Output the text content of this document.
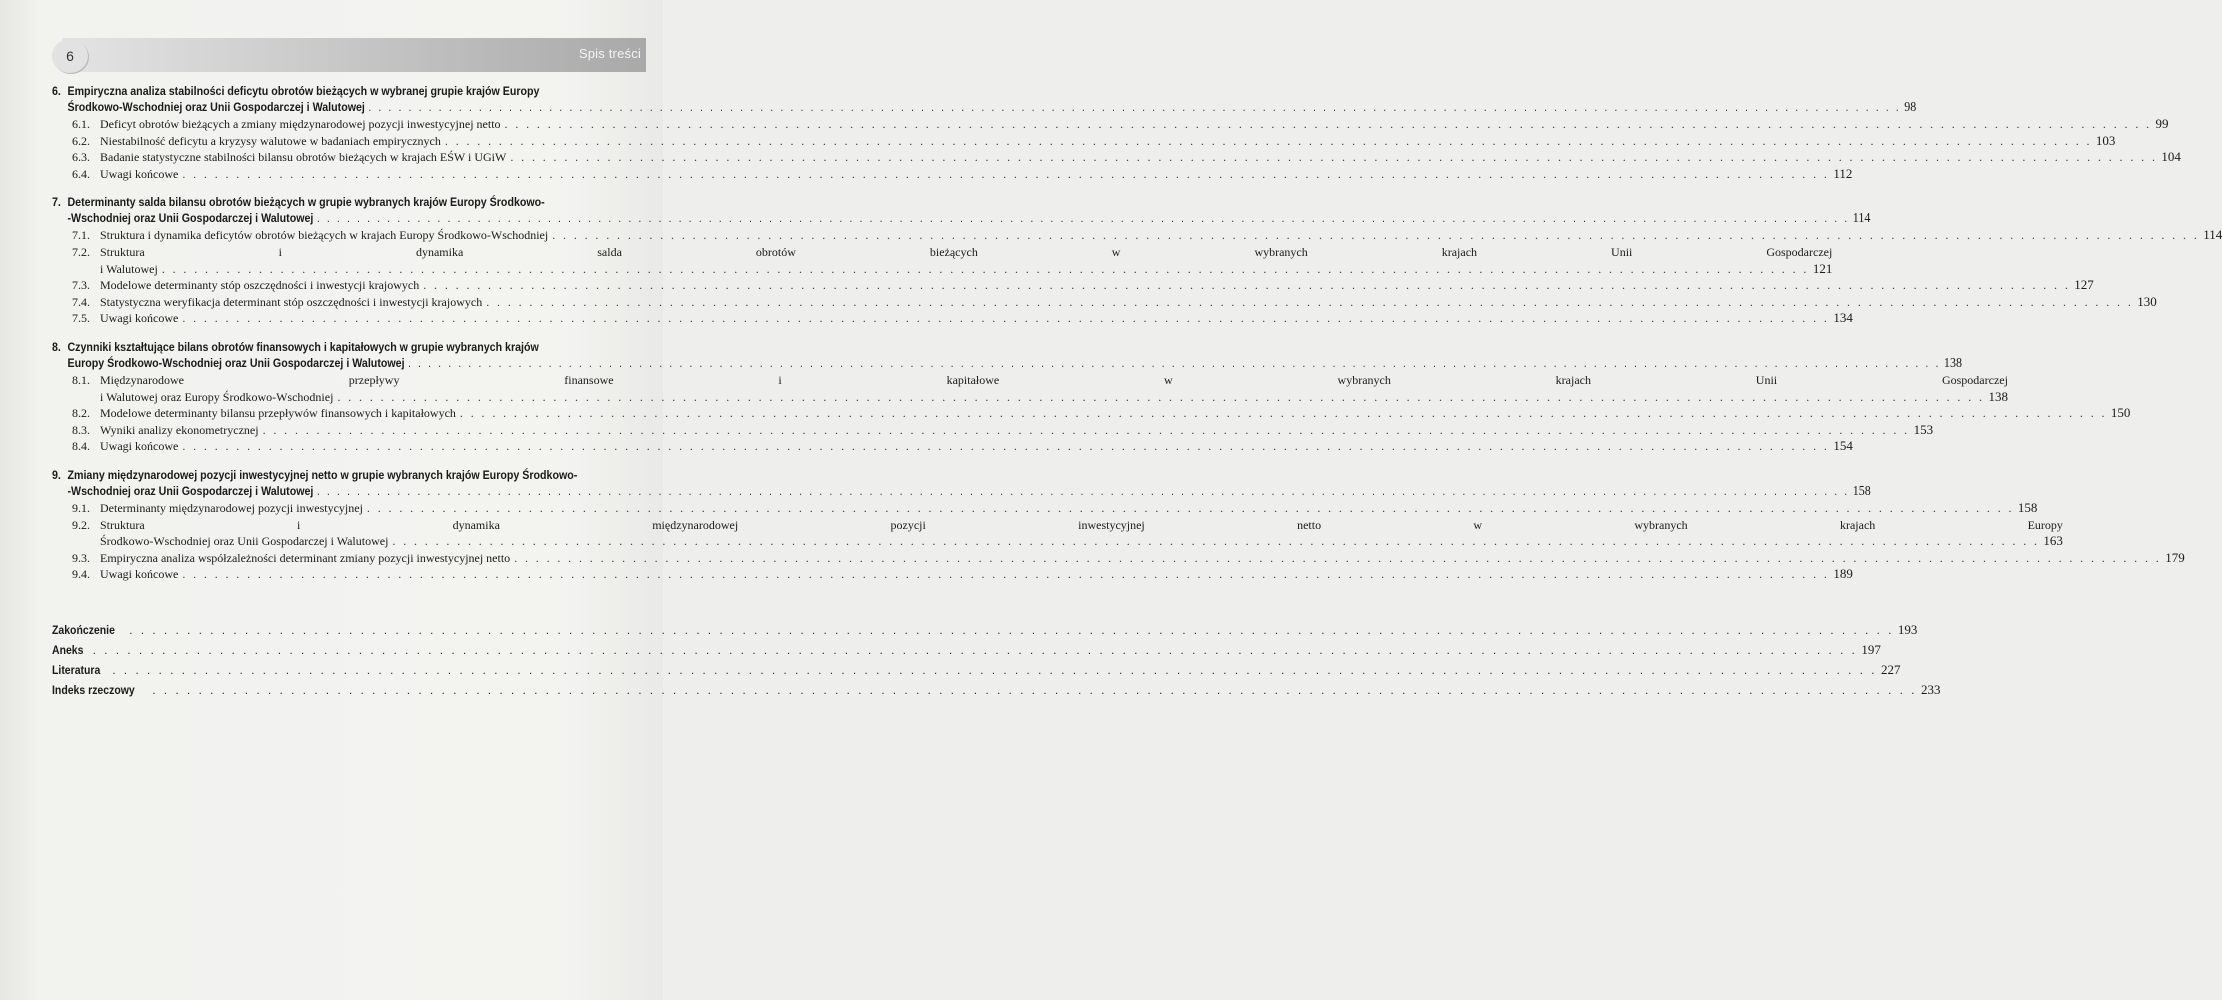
6	Spis treści
6. Empiryczna analiza stabilności deficytu obrotów bieżących w wybranej grupie krajów Europy
Środkowo-Wschodniej oraz Unii Gospodarczej i Walutowej . . .	98
6.1. Deficyt obrotów bieżących a zmiany międzynarodowej pozycji inwestycyjnej netto . . .	99
6.2. Niestabilność deficytu a kryzysy walutowe w badaniach empirycznych . . .	103
6.3. Badanie statystyczne stabilności bilansu obrotów bieżących w krajach EŚW i UGiW . . .	104
6.4. Uwagi końcowe . . .	112
7. Determinanty salda bilansu obrotów bieżących w grupie wybranych krajów Europy Środkowo-
-Wschodniej oraz Unii Gospodarczej i Walutowej . . .	114
7.1. Struktura i dynamika deficytów obrotów bieżących w krajach Europy Środkowo-Wschodniej . . .	114
7.2. Struktura i dynamika salda obrotów bieżących w wybranych krajach Unii Gospodarczej
i Walutowej . . .	121
7.3. Modelowe determinanty stóp oszczędności i inwestycji krajowych . . .	127
7.4. Statystyczna weryfikacja determinant stóp oszczędności i inwestycji krajowych . . .	130
7.5. Uwagi końcowe . . .	134
8. Czynniki kształtujące bilans obrotów finansowych i kapitałowych w grupie wybranych krajów
Europy Środkowo-Wschodniej oraz Unii Gospodarczej i Walutowej . . .	138
8.1. Międzynarodowe przepływy finansowe i kapitałowe w wybranych krajach Unii Gospodarczej
i Walutowej oraz Europy Środkowo-Wschodniej . . .	138
8.2. Modelowe determinanty bilansu przepływów finansowych i kapitałowych . . .	150
8.3. Wyniki analizy ekonometrycznej . . .	153
8.4. Uwagi końcowe . . .	154
9. Zmiany międzynarodowej pozycji inwestycyjnej netto w grupie wybranych krajów Europy Środkowo-
-Wschodniej oraz Unii Gospodarczej i Walutowej . . .	158
9.1. Determinanty międzynarodowej pozycji inwestycyjnej . . .	158
9.2. Struktura i dynamika międzynarodowej pozycji inwestycyjnej netto w wybranych krajach Europy
Środkowo-Wschodniej oraz Unii Gospodarczej i Walutowej . . .	163
9.3. Empiryczna analiza współzależności determinant zmiany pozycji inwestycyjnej netto . . .	179
9.4. Uwagi końcowe . . .	189
Zakończenie . . .	193
Aneks . . .	197
Literatura . . .	227
Indeks rzeczowy . . .	233
